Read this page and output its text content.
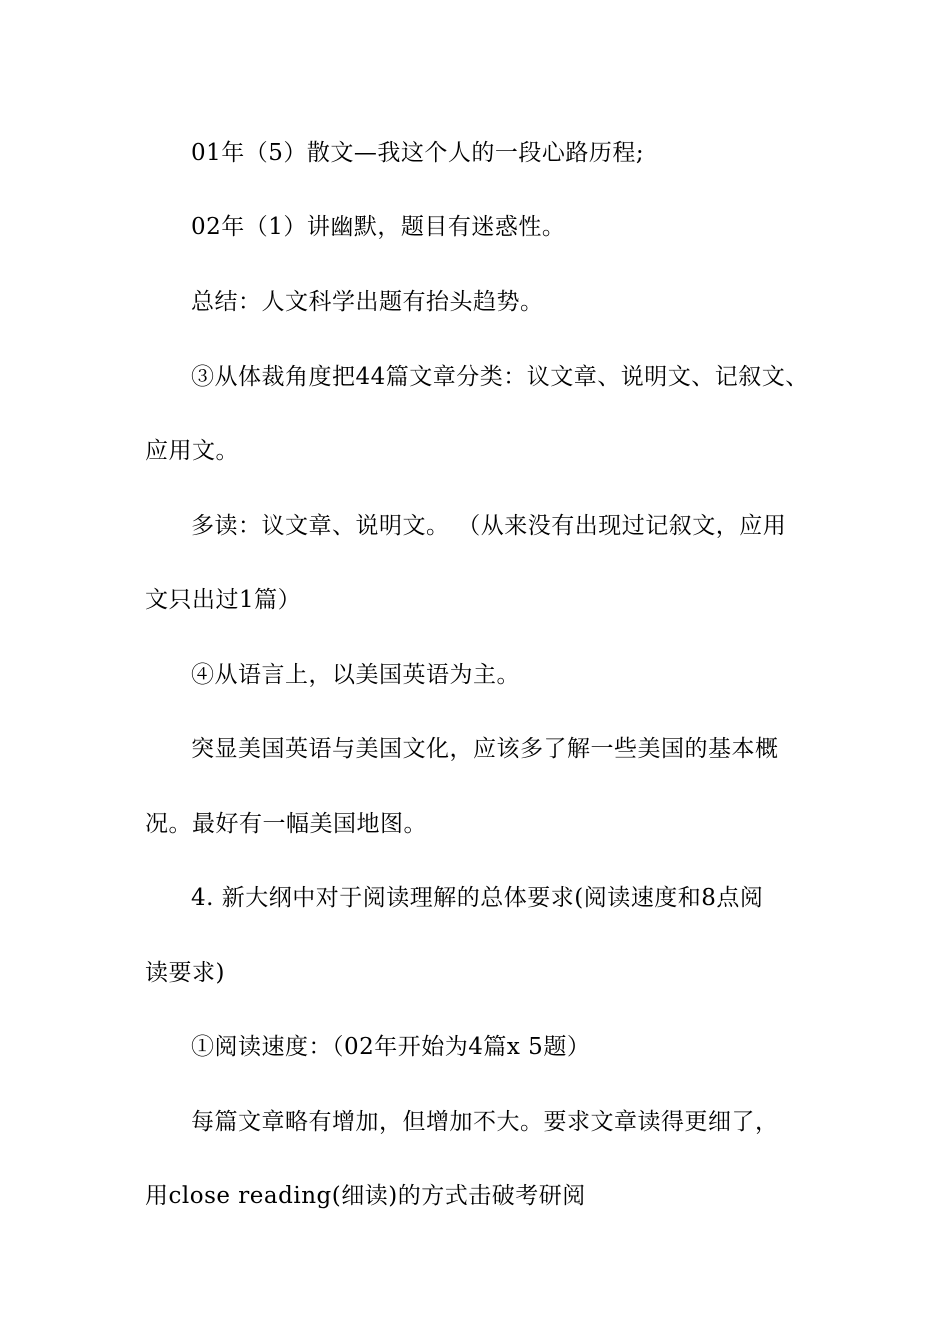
01年（5）散文—我这个人的一段心路历程;
02年（1）讲幽默，题目有迷惑性。
总结：人文科学出题有抬头趋势。
③从体裁角度把44篇文章分类：议文章、说明文、记叙文、
应用文。
多读：议文章、说明文。 （从来没有出现过记叙文，应用
文只出过1篇）
④从语言上，以美国英语为主。
突显美国英语与美国文化，应该多了解一些美国的基本概
况。最好有一幅美国地图。
4. 新大纲中对于阅读理解的总体要求(阅读速度和8点阅
读要求)
①阅读速度：（02年开始为4篇x 5题）
每篇文章略有增加，但增加不大。要求文章读得更细了，
用close reading(细读)的方式击破考研阅
